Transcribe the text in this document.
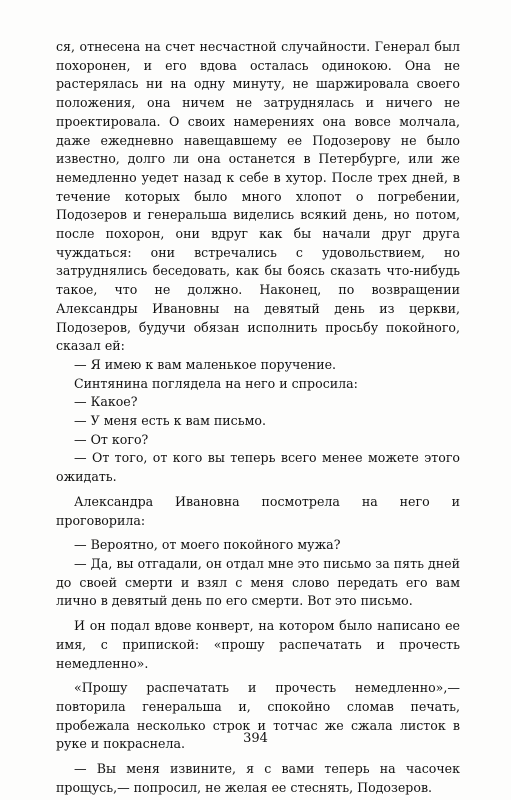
ся, отнесена на счет несчастной случайности. Генерал был похоронен, и его вдова осталась одинокою. Она не растерялась ни на одну минуту, не шаржировала своего положения, она ничем не затруднялась и ничего не проектировала. О своих намерениях она вовсе молчала, даже ежедневно навещавшему ее Подозерову не было известно, долго ли она останется в Петербурге, или же немедленно уедет назад к себе в хутор. После трех дней, в течение которых было много хлопот о погребении, Подозеров и генеральша виделись всякий день, но потом, после похорон, они вдруг как бы начали друг друга чуждаться: они встречались с удовольствием, но затруднялись беседовать, как бы боясь сказать что-нибудь такое, что не должно. Наконец, по возвращении Александры Ивановны на девятый день из церкви, Подозеров, будучи обязан исполнить просьбу покойного, сказал ей:

— Я имею к вам маленькое поручение.

Синтянина поглядела на него и спросила:

— Какое?

— У меня есть к вам письмо.

— От кого?

— От того, от кого вы теперь всего менее можете этого ожидать.

Александра Ивановна посмотрела на него и проговорила:

— Вероятно, от моего покойного мужа?

— Да, вы отгадали, он отдал мне это письмо за пять дней до своей смерти и взял с меня слово передать его вам лично в девятый день по его смерти. Вот это письмо.

И он подал вдове конверт, на котором было написано ее имя, с припиской: «прошу распечатать и прочесть немедленно».

«Прошу распечатать и прочесть немедленно»,— повторила генеральша и, спокойно сломав печать, пробежала несколько строк и тотчас же сжала листок в руке и покраснела.

— Вы меня извините, я с вами теперь на часочек прощусь,— попросил, не желая ее стеснять, Подозеров.

394
